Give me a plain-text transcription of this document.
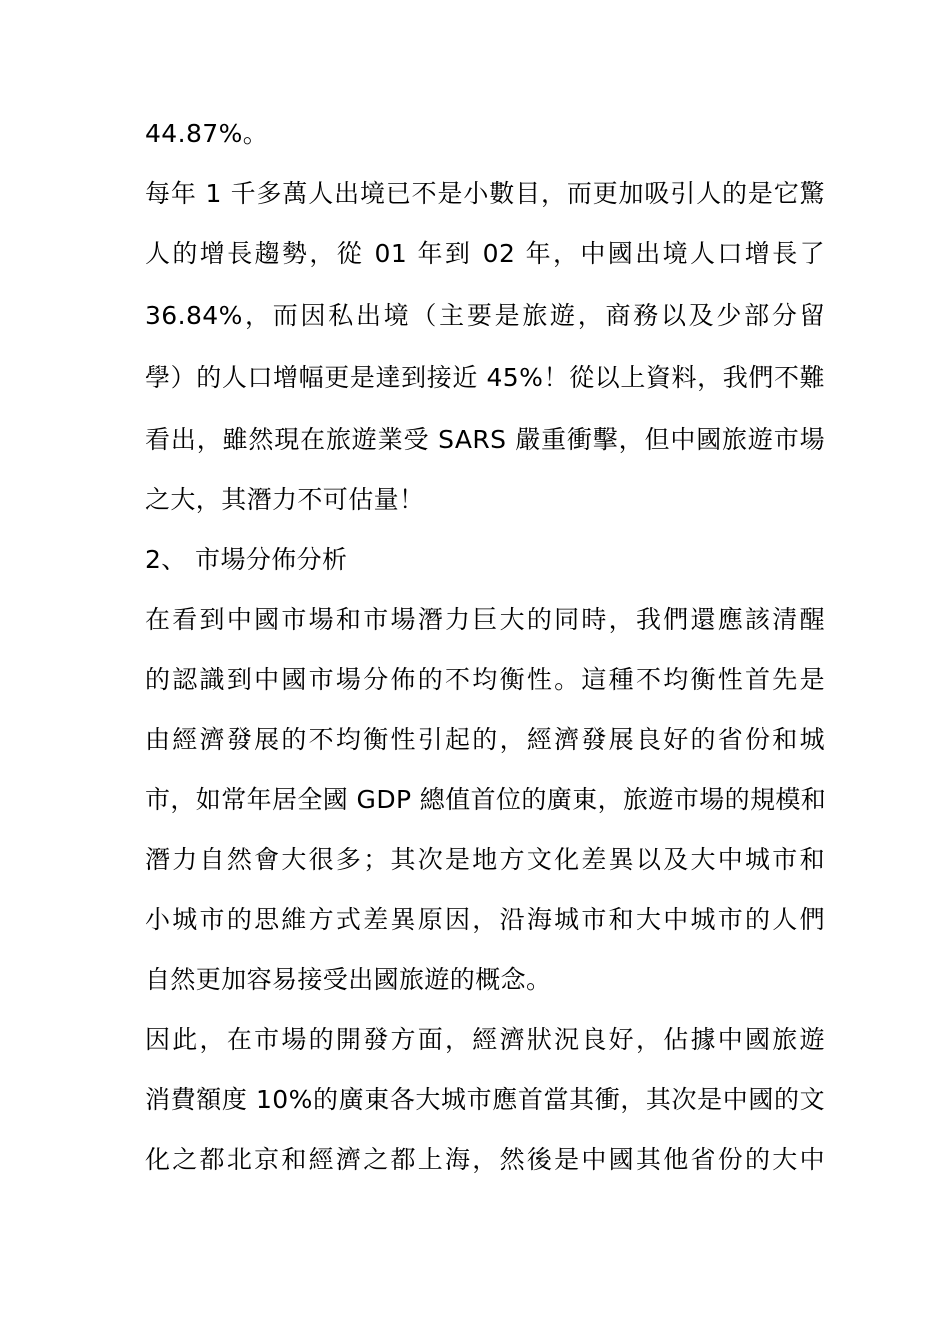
44.87%。
每年 1 千多萬人出境已不是小數目，而更加吸引人的是它驚
人的增長趨勢，從 01 年到 02 年，中國出境人口增長了
36.84%，而因私出境（主要是旅遊，商務以及少部分留
學）的人口增幅更是達到接近 45%！從以上資料，我們不難
看出，雖然現在旅遊業受 SARS 嚴重衝擊，但中國旅遊市場
之大，其潛力不可估量！
2、 市場分佈分析
在看到中國市場和市場潛力巨大的同時，我們還應該清醒
的認識到中國市場分佈的不均衡性。這種不均衡性首先是
由經濟發展的不均衡性引起的，經濟發展良好的省份和城
市，如常年居全國 GDP 總值首位的廣東，旅遊市場的規模和
潛力自然會大很多；其次是地方文化差異以及大中城市和
小城市的思維方式差異原因，沿海城市和大中城市的人們
自然更加容易接受出國旅遊的概念。
因此，在市場的開發方面，經濟狀況良好，佔據中國旅遊
消費額度 10%的廣東各大城市應首當其衝，其次是中國的文
化之都北京和經濟之都上海，然後是中國其他省份的大中
